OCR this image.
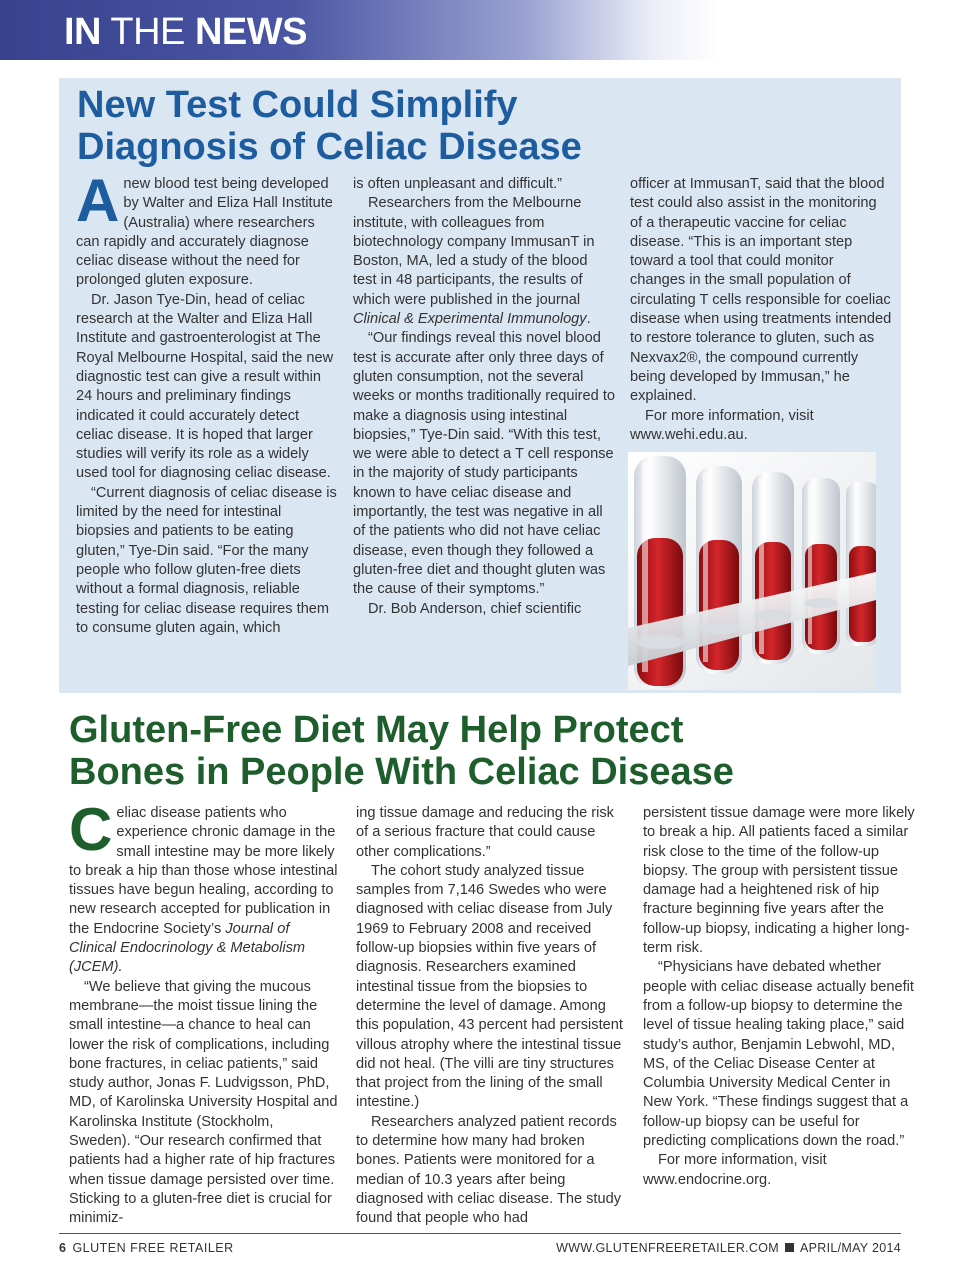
IN THE NEWS
New Test Could Simplify
Diagnosis of Celiac Disease
Anew blood test being developed by Walter and Eliza Hall Institute (Australia) where researchers can rapidly and accurately diagnose celiac disease without the need for prolonged gluten exposure.
Dr. Jason Tye-Din, head of celiac research at the Walter and Eliza Hall Institute and gastroenterologist at The Royal Melbourne Hospital, said the new diagnostic test can give a result within 24 hours and preliminary findings indicated it could accurately detect celiac disease. It is hoped that larger studies will verify its role as a widely used tool for diagnosing celiac disease.
“Current diagnosis of celiac disease is limited by the need for intestinal biopsies and patients to be eating gluten,” Tye-Din said. “For the many people who follow gluten-free diets without a formal diagnosis, reliable testing for celiac disease requires them to consume gluten again, which
is often unpleasant and difficult.”
Researchers from the Melbourne institute, with colleagues from biotechnology company ImmusanT in Boston, MA, led a study of the blood test in 48 participants, the results of which were published in the journal Clinical & Experimental Immunology.
“Our findings reveal this novel blood test is accurate after only three days of gluten consumption, not the several weeks or months traditionally required to make a diagnosis using intestinal biopsies,” Tye-Din said. “With this test, we were able to detect a T cell response in the majority of study participants known to have celiac disease and importantly, the test was negative in all of the patients who did not have celiac disease, even though they followed a gluten-free diet and thought gluten was the cause of their symptoms.”
Dr. Bob Anderson, chief scientific
officer at ImmusanT, said that the blood test could also assist in the monitoring of a therapeutic vaccine for celiac disease. “This is an important step toward a tool that could monitor changes in the small population of circulating T cells responsible for coeliac disease when using treatments intended to restore tolerance to gluten, such as Nexvax2®, the compound currently being developed by Immusan,” he explained.
For more information, visit
www.wehi.edu.au.
Gluten-Free Diet May Help Protect
Bones in People With Celiac Disease
Celiac disease patients who experience chronic damage in the small intestine may be more likely to break a hip than those whose intestinal tissues have begun healing, according to new research accepted for publication in the Endocrine Society’s Journal of Clinical Endocrinology & Metabolism (JCEM).
“We believe that giving the mucous membrane—the moist tissue lining the small intestine—a chance to heal can lower the risk of complications, including bone fractures, in celiac patients,” said study author, Jonas F. Ludvigsson, PhD, MD, of Karolinska University Hospital and Karolinska Institute (Stockholm, Sweden). “Our research confirmed that patients had a higher rate of hip fractures when tissue damage persisted over time. Sticking to a gluten-free diet is crucial for minimiz-
ing tissue damage and reducing the risk of a serious fracture that could cause other complications.”
The cohort study analyzed tissue samples from 7,146 Swedes who were diagnosed with celiac disease from July 1969 to February 2008 and received follow-up biopsies within five years of diagnosis. Researchers examined intestinal tissue from the biopsies to determine the level of damage. Among this population, 43 percent had persistent villous atrophy where the intestinal tissue did not heal. (The villi are tiny structures that project from the lining of the small intestine.)
Researchers analyzed patient records to determine how many had broken bones. Patients were monitored for a median of 10.3 years after being diagnosed with celiac disease. The study found that people who had
persistent tissue damage were more likely to break a hip. All patients faced a similar risk close to the time of the follow-up biopsy. The group with persistent tissue damage had a heightened risk of hip fracture beginning five years after the follow-up biopsy, indicating a higher long-term risk.
“Physicians have debated whether people with celiac disease actually benefit from a follow-up biopsy to determine the level of tissue healing taking place,” said study’s author, Benjamin Lebwohl, MD, MS, of the Celiac Disease Center at Columbia University Medical Center in New York. “These findings suggest that a follow-up biopsy can be useful for predicting complications down the road.”
For more information, visit
www.endocrine.org.
6 GLUTEN FREE RETAILER	WWW.GLUTENFREERETAILER.COM APRIL/MAY 2014
